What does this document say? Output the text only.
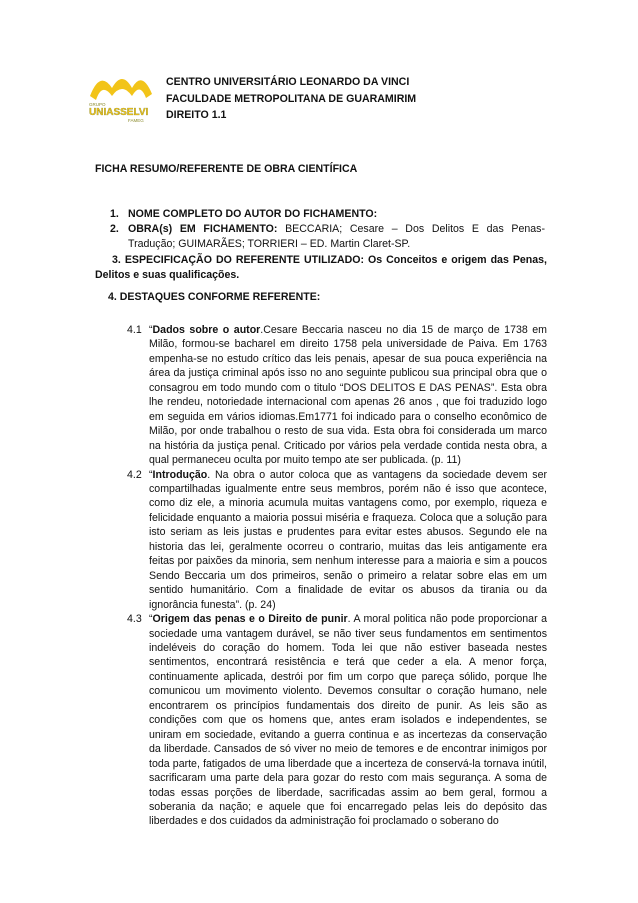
GRUPO
UNIASSELVI
FAMEG
CENTRO UNIVERSITÁRIO LEONARDO DA VINCI
FACULDADE METROPOLITANA DE GUARAMIRIM
DIREITO 1.1
FICHA RESUMO/REFERENTE DE OBRA CIENTÍFICA
1. NOME COMPLETO DO AUTOR DO FICHAMENTO:
2. OBRA(s) EM FICHAMENTO: BECCARIA; Cesare – Dos Delitos E das Penas- Tradução; GUIMARÃES; TORRIERI – ED. Martin Claret-SP.
3. ESPECIFICAÇÃO DO REFERENTE UTILIZADO: Os Conceitos e origem das Penas, Delitos e suas qualificações.
4. DESTAQUES CONFORME REFERENTE:
4.1 “Dados sobre o autor.Cesare Beccaria nasceu no dia 15 de março de 1738 em Milão, formou-se bacharel em direito 1758 pela universidade de Paiva. Em 1763 empenha-se no estudo crítico das leis penais, apesar de sua pouca experiência na área da justiça criminal após isso no ano seguinte publicou sua principal obra que o consagrou em todo mundo com o titulo “DOS DELITOS E DAS PENAS”. Esta obra lhe rendeu, notoriedade internacional com apenas 26 anos , que foi traduzido logo em seguida em vários idiomas.Em1771 foi indicado para o conselho econômico de Milão, por onde trabalhou o resto de sua vida. Esta obra foi considerada um marco na história da justiça penal. Criticado por vários pela verdade contida nesta obra, a qual permaneceu oculta por muito tempo ate ser publicada. (p. 11)
4.2 “Introdução. Na obra o autor coloca que as vantagens da sociedade devem ser compartilhadas igualmente entre seus membros, porém não é isso que acontece, como diz ele, a minoria acumula muitas vantagens como, por exemplo, riqueza e felicidade enquanto a maioria possui miséria e fraqueza. Coloca que a solução para isto seriam as leis justas e prudentes para evitar estes abusos. Segundo ele na historia das lei, geralmente ocorreu o contrario, muitas das leis antigamente era feitas por paixões da minoria, sem nenhum interesse para a maioria e sim a poucos Sendo Beccaria um dos primeiros, senão o primeiro a relatar sobre elas em um sentido humanitário. Com a finalidade de evitar os abusos da tirania ou da ignorância funesta”. (p. 24)
4.3 “Origem das penas e o Direito de punir. A moral politica não pode proporcionar a sociedade uma vantagem durável, se não tiver seus fundamentos em sentimentos indeléveis do coração do homem. Toda lei que não estiver baseada nestes sentimentos, encontrará resistência e terá que ceder a ela. A menor força, continuamente aplicada, destrói por fim um corpo que pareça sólido, porque lhe comunicou um movimento violento. Devemos consultar o coração humano, nele encontrarem os princípios fundamentais dos direito de punir. As leis são as condições com que os homens que, antes eram isolados e independentes, se uniram em sociedade, evitando a guerra continua e as incertezas da conservação da liberdade. Cansados de só viver no meio de temores e de encontrar inimigos por toda parte, fatigados de uma liberdade que a incerteza de conservá-la tornava inútil, sacrificaram uma parte dela para gozar do resto com mais segurança. A soma de todas essas porções de liberdade, sacrificadas assim ao bem geral, formou a soberania da nação; e aquele que foi encarregado pelas leis do depósito das liberdades e dos cuidados da administração foi proclamado o soberano do
